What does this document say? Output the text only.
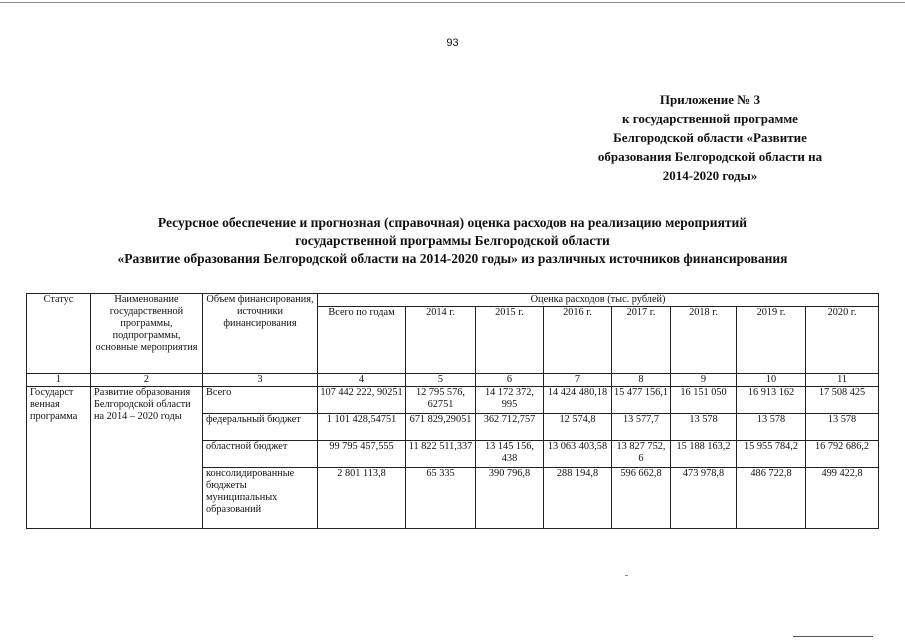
93
Приложение № 3
к государственной программе
Белгородской области «Развитие
образования Белгородской области на
2014-2020 годы»
Ресурсное обеспечение и прогнозная (справочная) оценка расходов на реализацию мероприятий
государственной программы Белгородской области
«Развитие образования Белгородской области на 2014-2020 годы» из различных источников финансирования
Статус	Наименование государственной программы, подпрограммы, основные мероприятия	Объем финансирования, источники финансирования	Оценка расходов (тыс. рублей)							
			Всего по годам	2014 г.	2015 г.	2016 г.	2017 г.	2018 г.	2019 г.	2020 г.
1	2	3	4	5	6	7	8	9	10	11
Государст венная программа	Развитие образования Белгородской области на 2014 – 2020 годы	Всего	107 442 222, 90251	12 795 576, 62751	14 172 372, 995	14 424 480,18	15 477 156,1	16 151 050	16 913 162	17 508 425
		федеральный бюджет	1 101 428,54751	671 829,29051	362 712,757	12 574,8	13 577,7	13 578	13 578	13 578
		областной бюджет	99 795 457,555	11 822 511,337	13 145 156, 438	13 063 403,58	13 827 752, 6	15 188 163,2	15 955 784,2	16 792 686,2
		консолидированные бюджеты муниципальных образований	2 801 113,8	65 335	390 796,8	288 194,8	596 662,8	473 978,8	486 722,8	499 422,8
